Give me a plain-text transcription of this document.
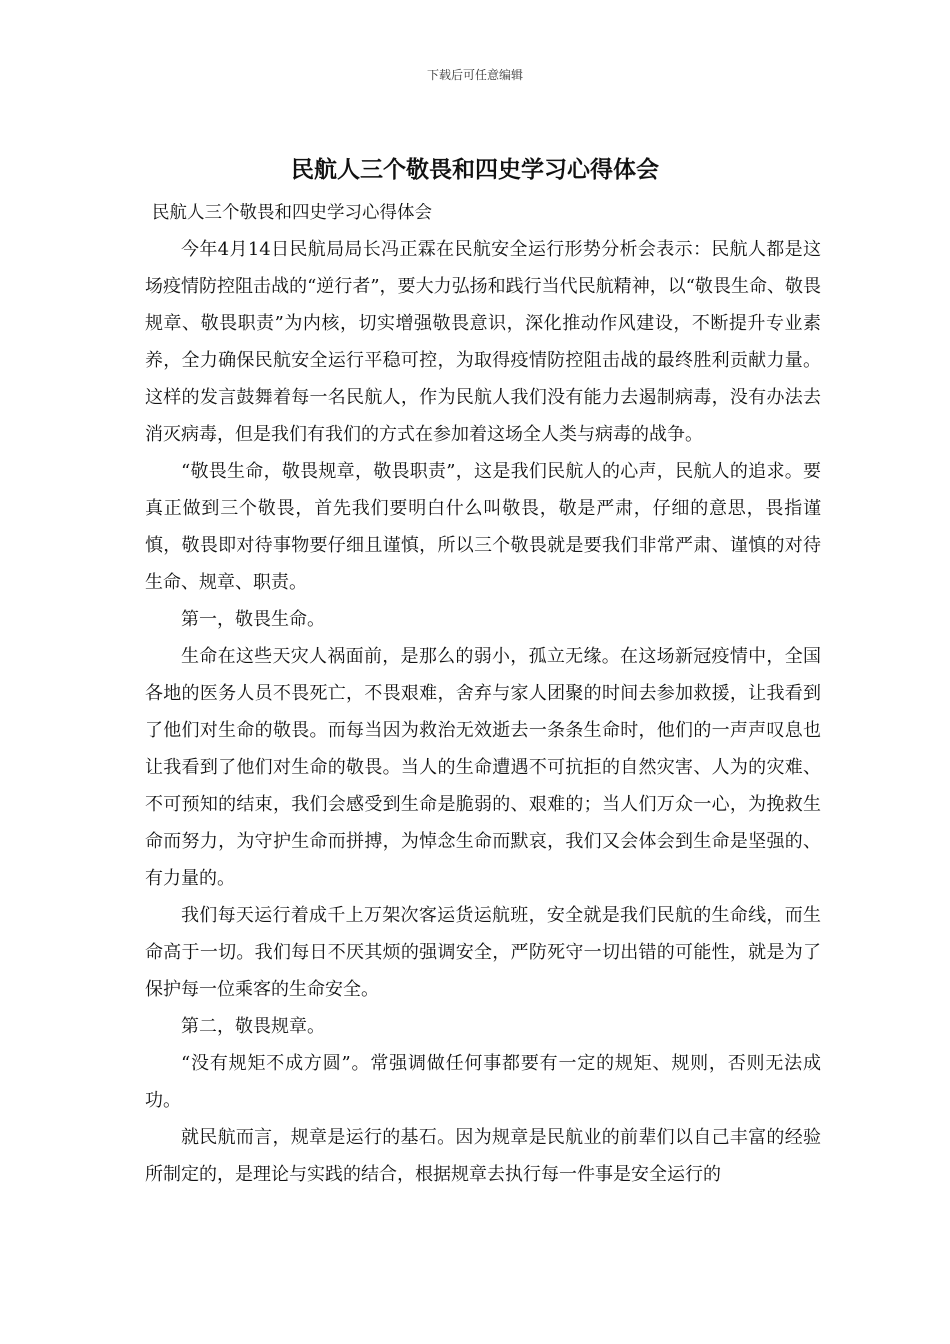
下载后可任意编辑
民航人三个敬畏和四史学习心得体会

民航人三个敬畏和四史学习心得体会

今年4月14日民航局局长冯正霖在民航安全运行形势分析会表示：民航人都是这场疫情防控阻击战的“逆行者”，要大力弘扬和践行当代民航精神，以“敬畏生命、敬畏规章、敬畏职责”为内核，切实增强敬畏意识，深化推动作风建设，不断提升专业素养，全力确保民航安全运行平稳可控，为取得疫情防控阻击战的最终胜利贡献力量。这样的发言鼓舞着每一名民航人，作为民航人我们没有能力去遏制病毒，没有办法去消灭病毒，但是我们有我们的方式在参加着这场全人类与病毒的战争。

“敬畏生命，敬畏规章，敬畏职责”，这是我们民航人的心声，民航人的追求。要真正做到三个敬畏，首先我们要明白什么叫敬畏，敬是严肃，仔细的意思，畏指谨慎，敬畏即对待事物要仔细且谨慎，所以三个敬畏就是要我们非常严肃、谨慎的对待生命、规章、职责。

第一，敬畏生命。

生命在这些天灾人祸面前，是那么的弱小，孤立无缘。在这场新冠疫情中，全国各地的医务人员不畏死亡，不畏艰难，舍弃与家人团聚的时间去参加救援，让我看到了他们对生命的敬畏。而每当因为救治无效逝去一条条生命时，他们的一声声叹息也让我看到了他们对生命的敬畏。当人的生命遭遇不可抗拒的自然灾害、人为的灾难、不可预知的结束，我们会感受到生命是脆弱的、艰难的；当人们万众一心，为挽救生命而努力，为守护生命而拼搏，为悼念生命而默哀，我们又会体会到生命是坚强的、有力量的。

我们每天运行着成千上万架次客运货运航班，安全就是我们民航的生命线，而生命高于一切。我们每日不厌其烦的强调安全，严防死守一切出错的可能性，就是为了保护每一位乘客的生命安全。

第二，敬畏规章。

“没有规矩不成方圆”。常强调做任何事都要有一定的规矩、规则，否则无法成功。

就民航而言，规章是运行的基石。因为规章是民航业的前辈们以自己丰富的经验所制定的，是理论与实践的结合，根据规章去执行每一件事是安全运行的
